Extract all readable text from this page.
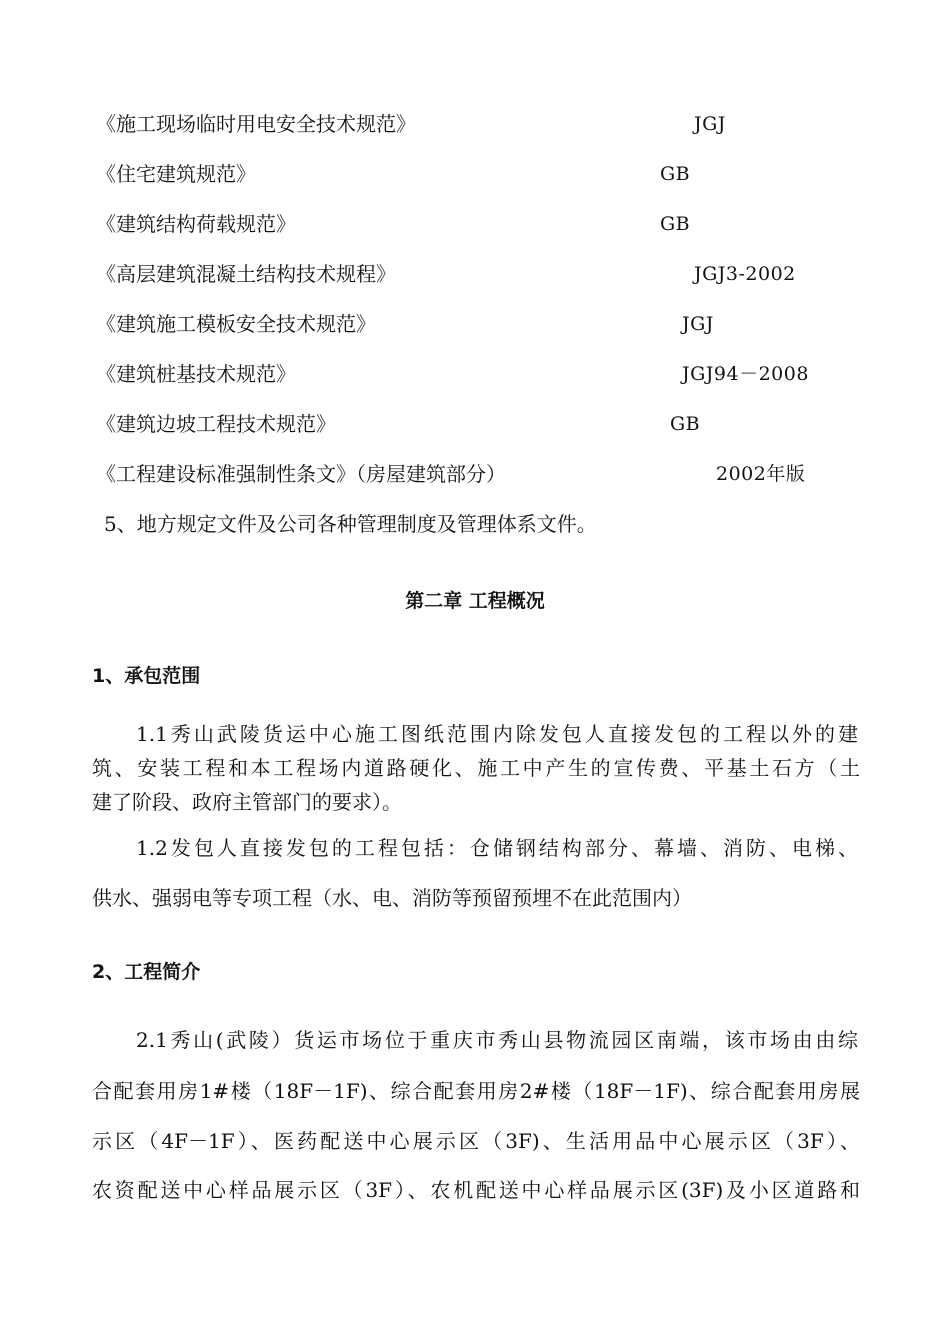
《施工现场临时用电安全技术规范》	JGJ
《住宅建筑规范》	GB
《建筑结构荷载规范》	GB
《高层建筑混凝土结构技术规程》	JGJ3-2002
《建筑施工模板安全技术规范》	JGJ
《建筑桩基技术规范》	JGJ94－2008
《建筑边坡工程技术规范》	GB
《工程建设标准强制性条文》（房屋建筑部分）	2002年版
5、地方规定文件及公司各种管理制度及管理体系文件。
第二章 工程概况
1、承包范围
1.1秀山武陵货运中心施工图纸范围内除发包人直接发包的工程以外的建
筑、安装工程和本工程场内道路硬化、施工中产生的宣传费、平基土石方（土
建了阶段、政府主管部门的要求）。
1.2发包人直接发包的工程包括：仓储钢结构部分、幕墙、消防、电梯、
供水、强弱电等专项工程（水、电、消防等预留预埋不在此范围内）
2、工程简介
2.1秀山(武陵）货运市场位于重庆市秀山县物流园区南端，该市场由由综
合配套用房1#楼（18F－1F)、综合配套用房2#楼（18F－1F)、综合配套用房展
示区（4F－1F）、医药配送中心展示区（3F)、生活用品中心展示区（3F）、
农资配送中心样品展示区（3F）、农机配送中心样品展示区(3F)及小区道路和
